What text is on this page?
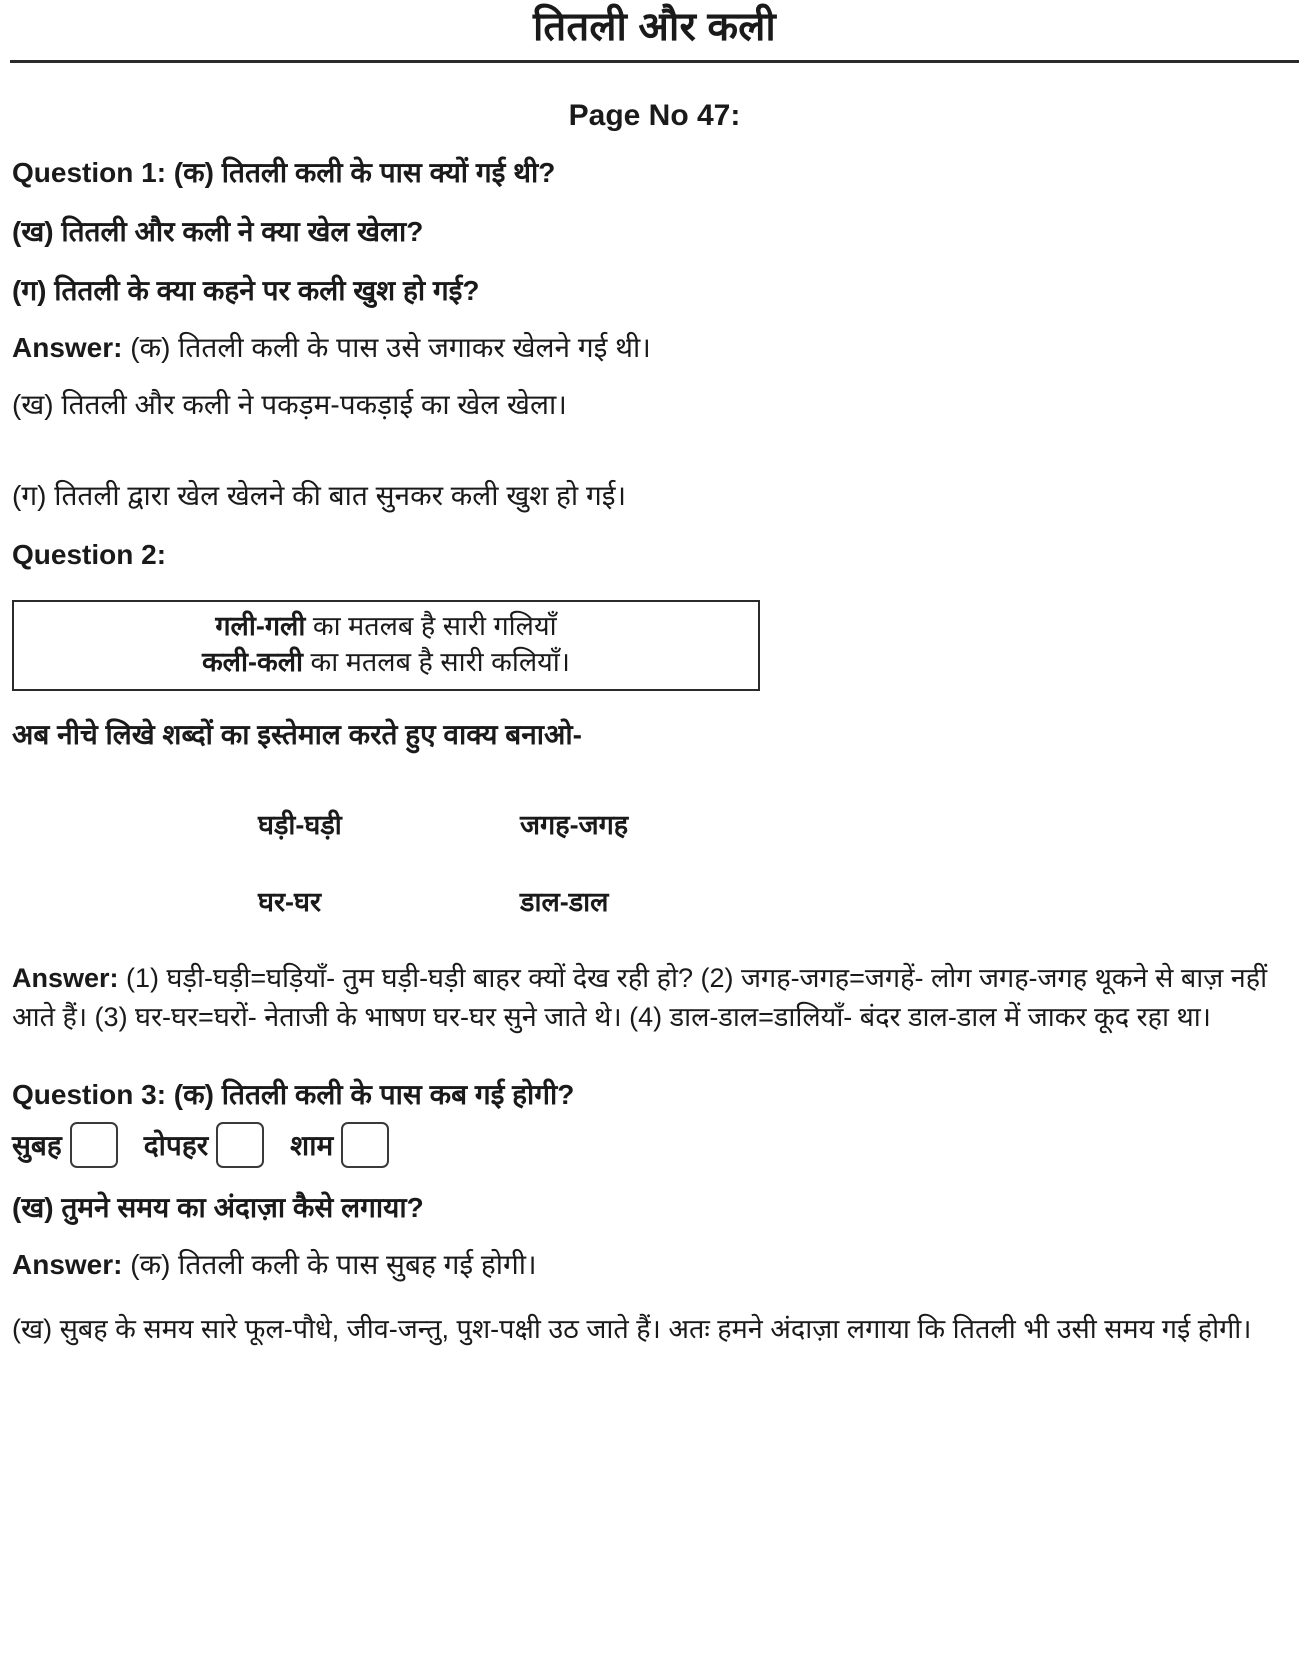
तितली और कली
Page No 47:
Question 1: (क) तितली कली के पास क्यों गई थी?
(ख) तितली और कली ने क्या खेल खेला?
(ग) तितली के क्या कहने पर कली खुश हो गई?
Answer: (क) तितली कली के पास उसे जगाकर खेलने गई थी।
(ख) तितली और कली ने पकड़म-पकड़ाई का खेल खेला।
(ग) तितली द्वारा खेल खेलने की बात सुनकर कली खुश हो गई।
Question 2:
गली-गली का मतलब है सारी गलियाँ
कली-कली का मतलब है सारी कलियाँ।
अब नीचे लिखे शब्दों का इस्तेमाल करते हुए वाक्य बनाओ-
घड़ी-घड़ी	जगह-जगह
घर-घर	डाल-डाल
Answer: (1) घड़ी-घड़ी=घड़ियाँ- तुम घड़ी-घड़ी बाहर क्यों देख रही हो? (2) जगह-जगह=जगहें- लोग जगह-जगह थूकने से बाज़ नहीं आते हैं। (3) घर-घर=घरों- नेताजी के भाषण घर-घर सुने जाते थे। (4) डाल-डाल=डालियाँ- बंदर डाल-डाल में जाकर कूद रहा था।
Question 3: (क) तितली कली के पास कब गई होगी?
सुबह	दोपहर	शाम
(ख) तुमने समय का अंदाज़ा कैसे लगाया?
Answer: (क) तितली कली के पास सुबह गई होगी।
(ख) सुबह के समय सारे फूल-पौधे, जीव-जन्तु, पुश-पक्षी उठ जाते हैं। अतः हमने अंदाज़ा लगाया कि तितली भी उसी समय गई होगी।
